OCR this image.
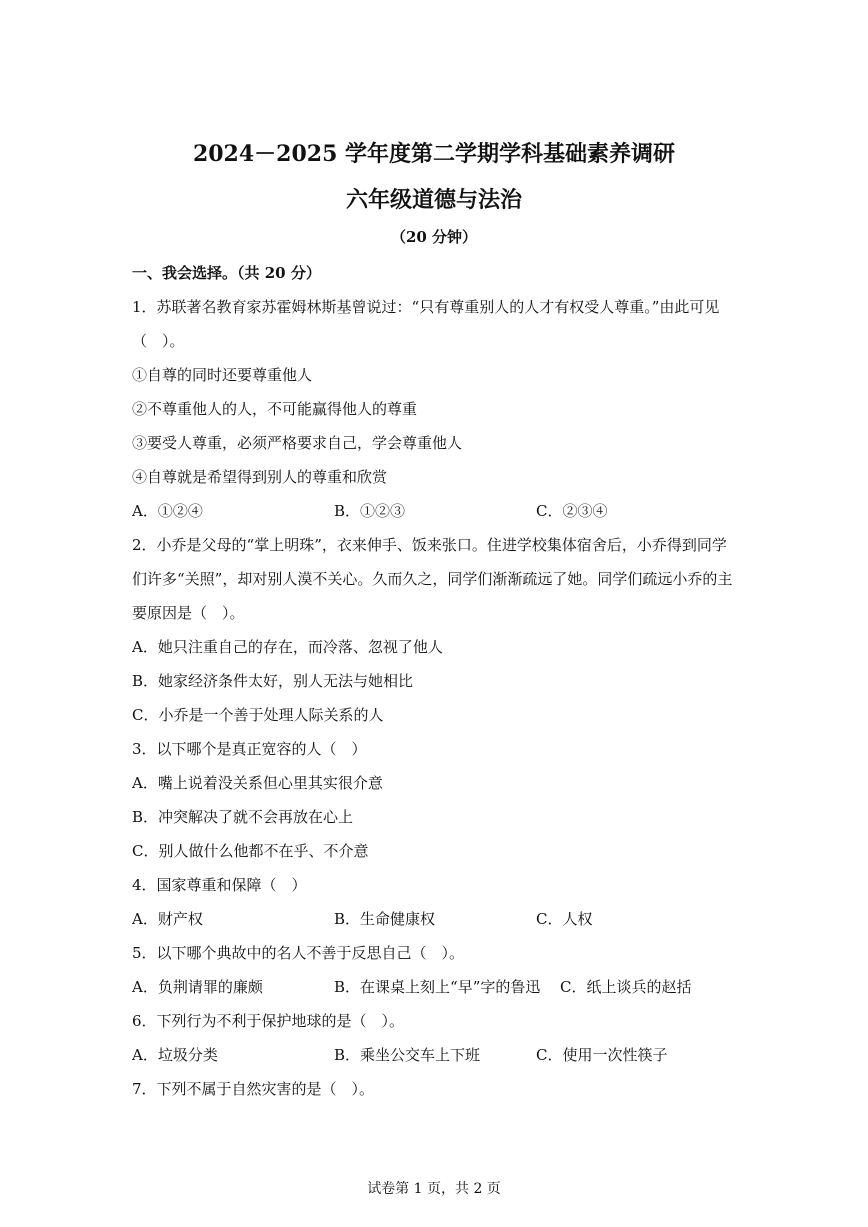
2024－2025 学年度第二学期学科基础素养调研
六年级道德与法治
（20 分钟）
一、我会选择。（共 20 分）
1．苏联著名教育家苏霍姆林斯基曾说过：“只有尊重别人的人才有权受人尊重。”由此可见
（　）。
①自尊的同时还要尊重他人
②不尊重他人的人，不可能赢得他人的尊重
③要受人尊重，必须严格要求自己，学会尊重他人
④自尊就是希望得到别人的尊重和欣赏
A．①②④	B．①②③	C．②③④
2．小乔是父母的“掌上明珠”，衣来伸手、饭来张口。住进学校集体宿舍后，小乔得到同学
们许多“关照”，却对别人漠不关心。久而久之，同学们渐渐疏远了她。同学们疏远小乔的主
要原因是（　）。
A．她只注重自己的存在，而冷落、忽视了他人
B．她家经济条件太好，别人无法与她相比
C．小乔是一个善于处理人际关系的人
3．以下哪个是真正宽容的人（　）
A．嘴上说着没关系但心里其实很介意
B．冲突解决了就不会再放在心上
C．别人做什么他都不在乎、不介意
4．国家尊重和保障（　）
A．财产权	B．生命健康权	C．人权
5．以下哪个典故中的名人不善于反思自己（　）。
A．负荆请罪的廉颇	B．在课桌上刻上“早”字的鲁迅 C．纸上谈兵的赵括
6．下列行为不利于保护地球的是（　）。
A．垃圾分类	B．乘坐公交车上下班	C．使用一次性筷子
7．下列不属于自然灾害的是（　）。
试卷第 1 页，共 2 页
